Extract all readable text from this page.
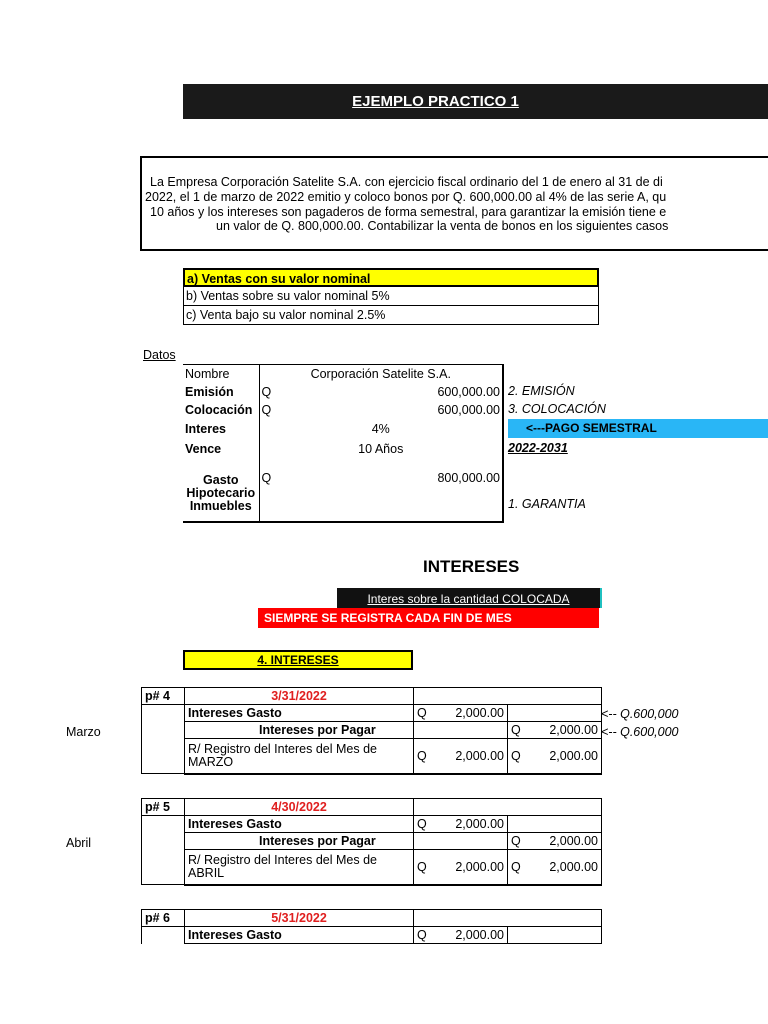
EJEMPLO PRACTICO 1
La Empresa Corporación Satelite S.A. con ejercicio fiscal ordinario del 1 de enero al 31 de di
2022, el 1 de marzo de 2022 emitio y coloco bonos por Q. 600,000.00 al 4% de las serie A, qu
10 años y los intereses son pagaderos de forma semestral, para garantizar la emisión tiene e
un valor de Q. 800,000.00. Contabilizar la venta de bonos en los siguientes casos
a) Ventas con su valor nominal
b) Ventas sobre su valor nominal 5%
c) Venta bajo su valor nominal 2.5%
Datos
Nombre	Corporación Satelite S.A.
Emisión	Q 600,000.00

Colocación	Q 600,000.00

Interes	4%
Vence	10 Años
Gasto Hipotecario Inmuebles	Q 800,000.00
2. EMISIÓN
3. COLOCACIÓN
<---PAGO SEMESTRAL
2022-2031
1. GARANTIA
INTERESES
Interes sobre la cantidad COLOCADA
SIEMPRE SE REGISTRA CADA FIN DE MES
4. INTERESES
p# 4	3/31/2022		
	Intereses Gasto	Q 2,000.00	

	Intereses por Pagar		Q 2,000.00

	R/ Registro del Interes del Mes de MARZO	Q 2,000.00	Q 2,000.00
<-- Q.600,000
<-- Q.600,000
Marzo
p# 5	4/30/2022		
	Intereses Gasto	Q 2,000.00	

	Intereses por Pagar		Q 2,000.00

	R/ Registro del Interes del Mes de ABRIL	Q 2,000.00	Q 2,000.00
Abril
p# 6	5/31/2022		
	Intereses Gasto	Q 2,000.00	
